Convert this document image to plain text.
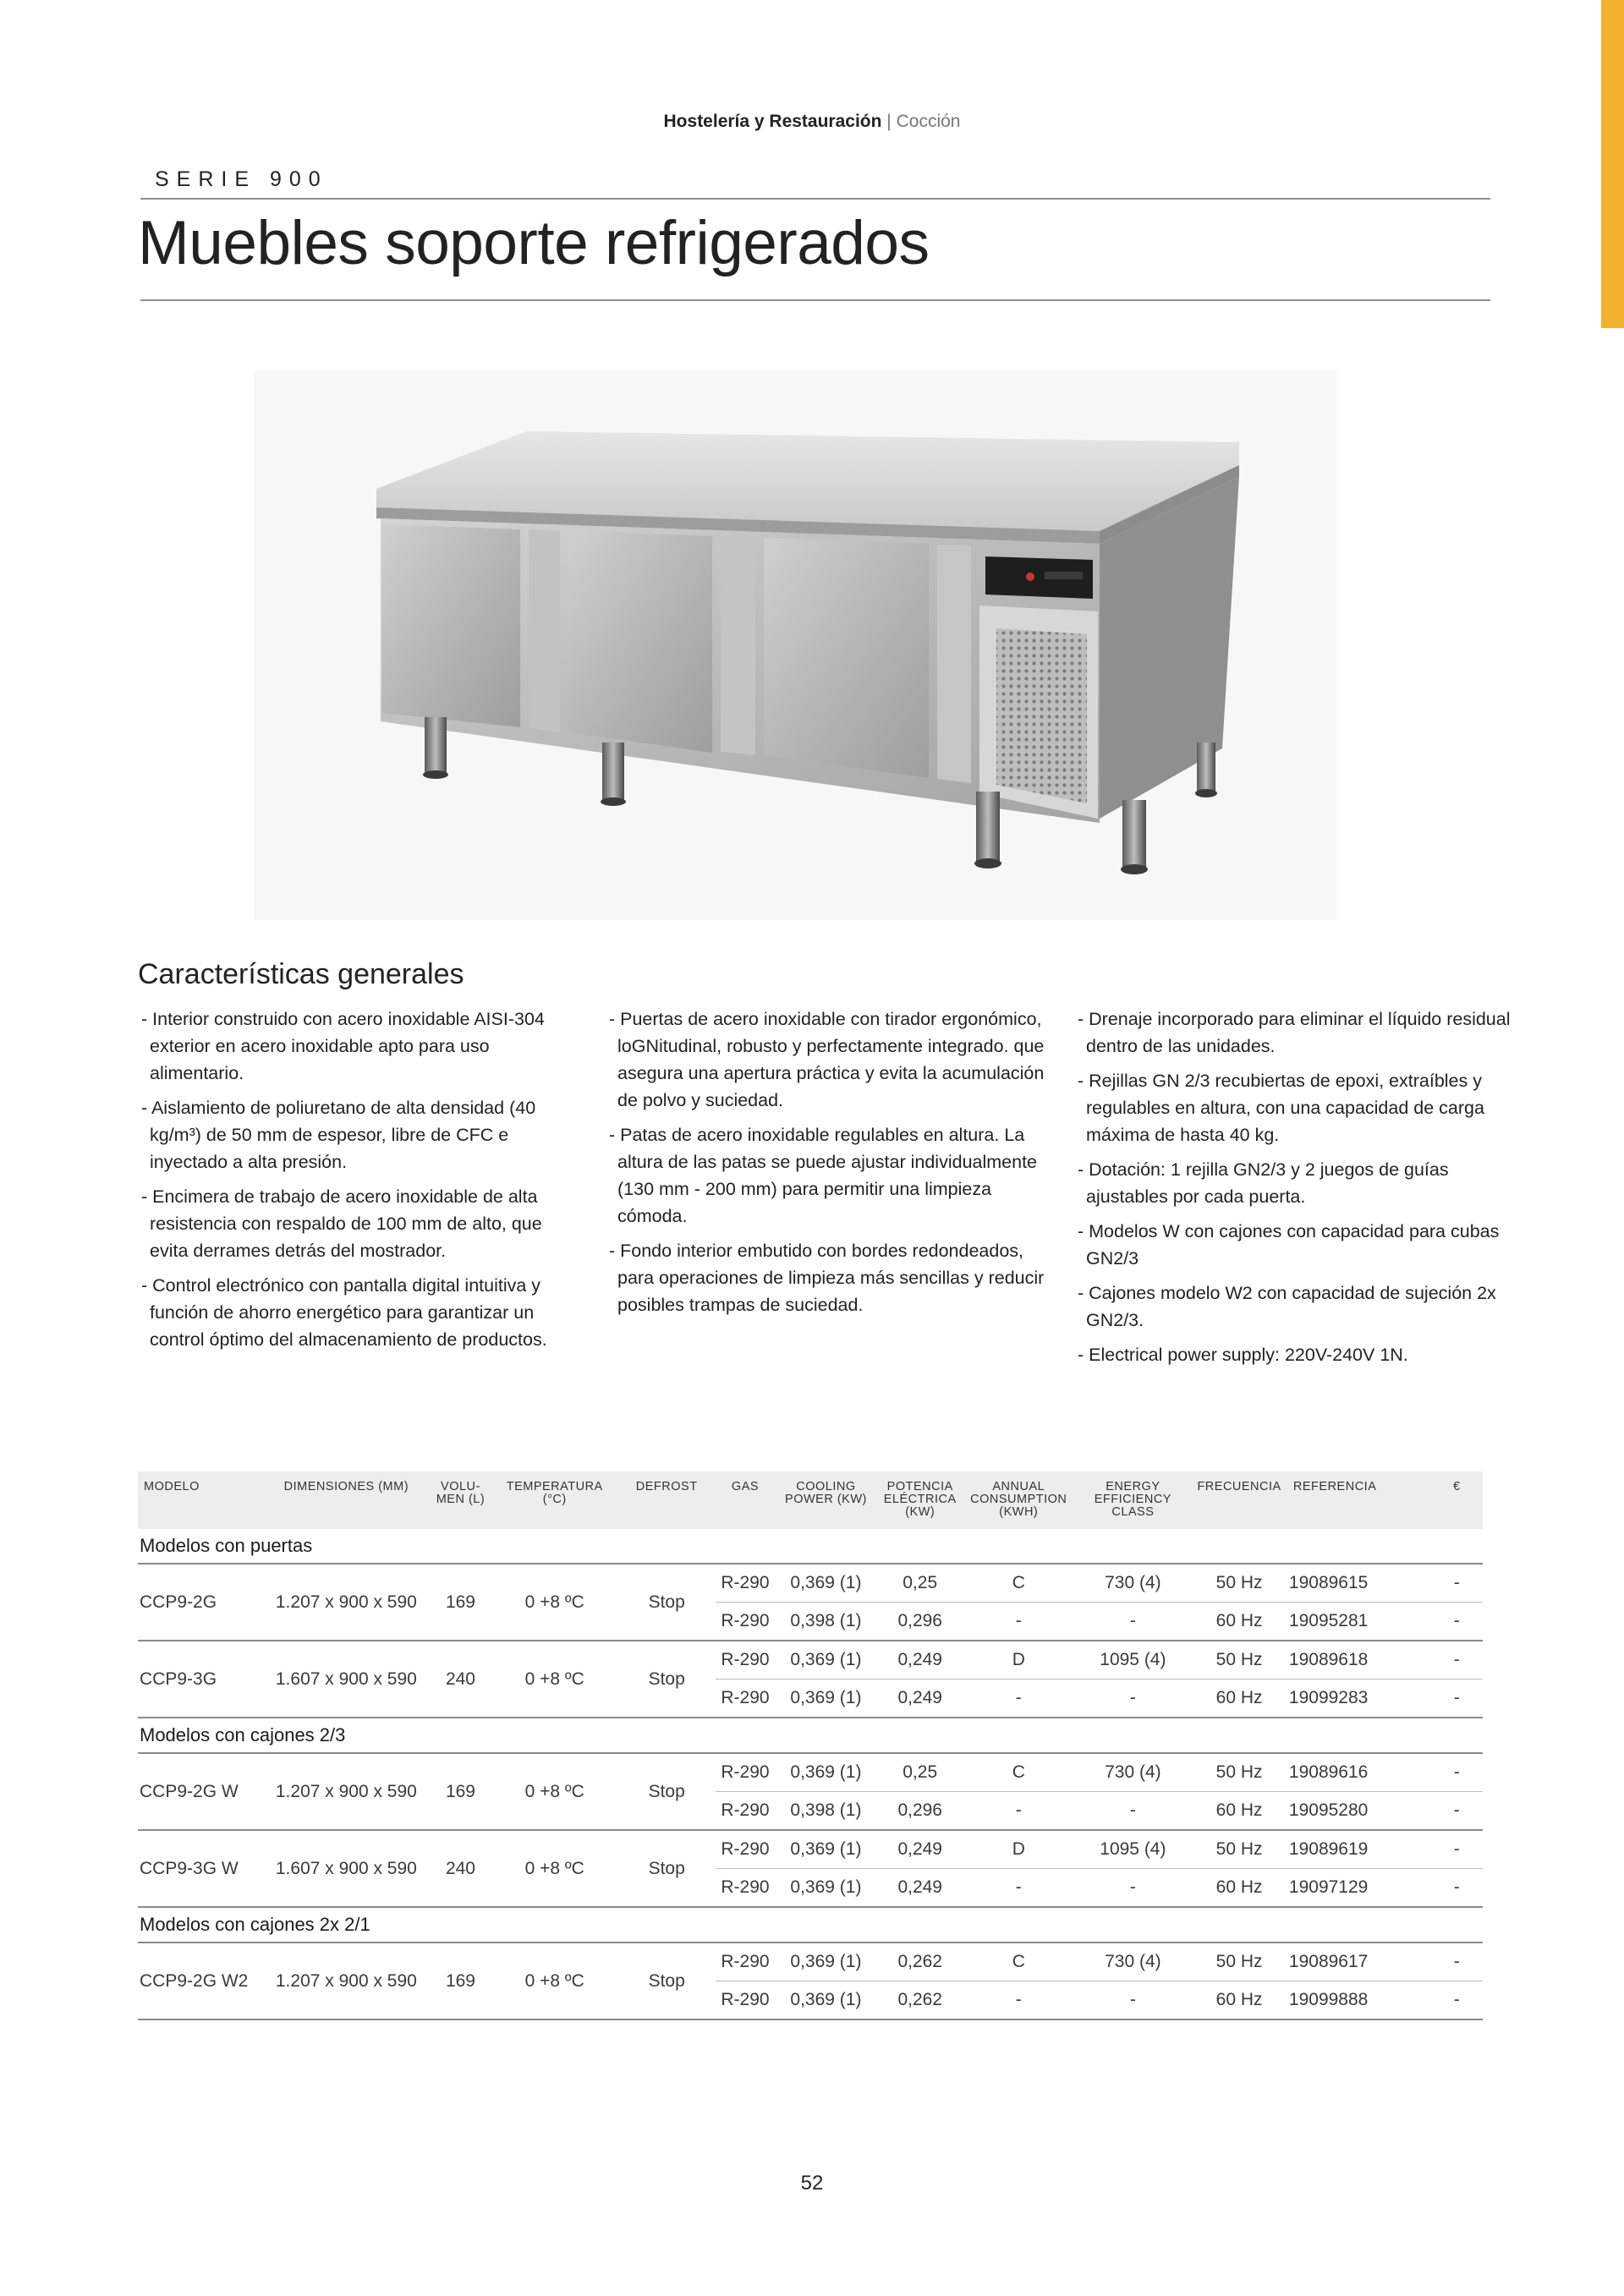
Hostelería y Restauración | Cocción
SERIE 900
Muebles soporte refrigerados
Características generales

- Interior construido con acero inoxidable AISI-304 exterior en acero inoxidable apto para uso alimentario.

- Aislamiento de poliuretano de alta densidad (40 kg/m³) de 50 mm de espesor, libre de CFC e inyectado a alta presión.

- Encimera de trabajo de acero inoxidable de alta resistencia con respaldo de 100 mm de alto, que evita derrames detrás del mostrador.

- Control electrónico con pantalla digital intuitiva y función de ahorro energético para garantizar un control óptimo del almacenamiento de productos.

- Puertas de acero inoxidable con tirador ergonómico, loGNitudinal, robusto y perfectamente integrado. que asegura una apertura práctica y evita la acumulación de polvo y suciedad.

- Patas de acero inoxidable regulables en altura. La altura de las patas se puede ajustar individualmente (130 mm - 200 mm) para permitir una limpieza cómoda.

- Fondo interior embutido con bordes redondeados, para operaciones de limpieza más sencillas y reducir posibles trampas de suciedad.

- Drenaje incorporado para eliminar el líquido residual dentro de las unidades.

- Rejillas GN 2/3 recubiertas de epoxi, extraíbles y regulables en altura, con una capacidad de carga máxima de hasta 40 kg.

- Dotación: 1 rejilla GN2/3 y 2 juegos de guías ajustables por cada puerta.

- Modelos W con cajones con capacidad para cubas GN2/3

- Cajones modelo W2 con capacidad de sujeción 2x GN2/3.

- Electrical power supply: 220V-240V 1N.

MODELO	DIMENSIONES (MM)	VOLU-MEN (L)	TEMPERATURA (°C)	DEFROST	GAS	COOLING POWER (KW)	POTENCIA ELÉCTRICA (KW)	ANNUAL CONSUMPTION (KWH)	ENERGY EFFICIENCY CLASS	FRECUENCIA	REFERENCIA	€
Modelos con puertas												
CCP9-2G	1.207 x 900 x 590	169	0 +8 ºC	Stop	R-290	0,369 (1)	0,25	C	730 (4)	50 Hz	19089615	-
					R-290	0,398 (1)	0,296	-	-	60 Hz	19095281	-
CCP9-3G	1.607 x 900 x 590	240	0 +8 ºC	Stop	R-290	0,369 (1)	0,249	D	1095 (4)	50 Hz	19089618	-
					R-290	0,369 (1)	0,249	-	-	60 Hz	19099283	-
Modelos con cajones 2/3												
CCP9-2G W	1.207 x 900 x 590	169	0 +8 ºC	Stop	R-290	0,369 (1)	0,25	C	730 (4)	50 Hz	19089616	-
					R-290	0,398 (1)	0,296	-	-	60 Hz	19095280	-
CCP9-3G W	1.607 x 900 x 590	240	0 +8 ºC	Stop	R-290	0,369 (1)	0,249	D	1095 (4)	50 Hz	19089619	-
					R-290	0,369 (1)	0,249	-	-	60 Hz	19097129	-
Modelos con cajones 2x 2/1												
CCP9-2G W2	1.207 x 900 x 590	169	0 +8 ºC	Stop	R-290	0,369 (1)	0,262	C	730 (4)	50 Hz	19089617	-
					R-290	0,369 (1)	0,262	-	-	60 Hz	19099888	-
52
